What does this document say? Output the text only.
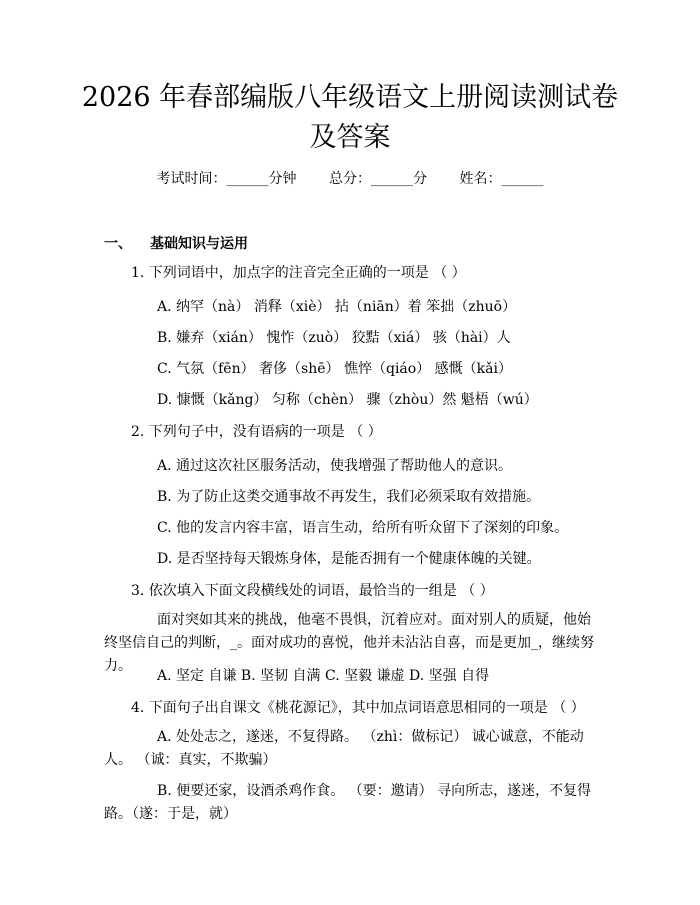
2026 年春部编版八年级语文上册阅读测试卷
及答案
考试时间：______分钟 总分：______分 姓名：______
一、 基础知识与运用
1. 下列词语中，加点字的注音完全正确的一项是 （ ）
A. 纳罕（nà） 消释（xiè） 拈（niān）着 笨拙（zhuō）
B. 嫌弃（xián） 愧怍（zuò） 狡黠（xiá） 骇（hài）人
C. 气氛（fēn） 奢侈（shē） 憔悴（qiáo） 感慨（kǎi）
D. 慷慨（kǎng） 匀称（chèn） 骤（zhòu）然 魁梧（wú）
2. 下列句子中，没有语病的一项是 （ ）
A. 通过这次社区服务活动，使我增强了帮助他人的意识。
B. 为了防止这类交通事故不再发生，我们必须采取有效措施。
C. 他的发言内容丰富，语言生动，给所有听众留下了深刻的印象。
D. 是否坚持每天锻炼身体，是能否拥有一个健康体魄的关键。
3. 依次填入下面文段横线处的词语，最恰当的一组是 （ ）
面对突如其来的挑战，他毫不畏惧，沉着应对。面对别人的质疑，他始终坚信自己的判断，_。面对成功的喜悦，他并未沾沾自喜，而是更加_，继续努力。
A. 坚定 自谦 B. 坚韧 自满 C. 坚毅 谦虚 D. 坚强 自得
4. 下面句子出自课文《桃花源记》，其中加点词语意思相同的一项是 （ ）
A. 处处志之，遂迷，不复得路。 （zhì：做标记） 诚心诚意，不能动人。 （诚：真实，不欺骗）
B. 便要还家，设酒杀鸡作食。 （要：邀请） 寻向所志，遂迷，不复得路。（遂：于是，就）
